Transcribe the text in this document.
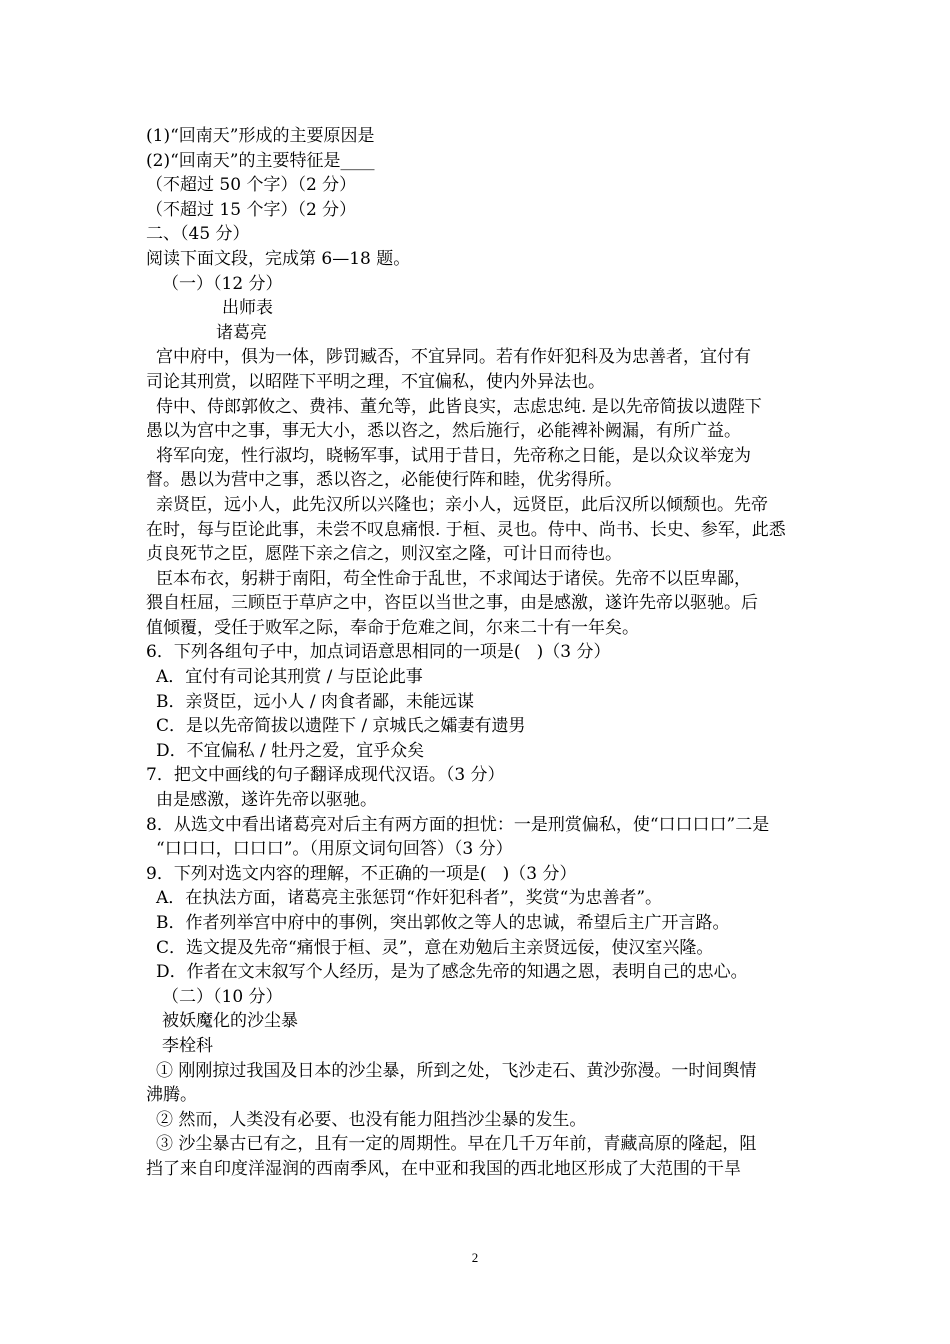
(1)“回南天”形成的主要原因是
(2)“回南天”的主要特征是____
（不超过 50 个字）（2 分）
（不超过 15 个字）（2 分）
二、（45 分）
阅读下面文段，完成第 6—18 题。
（一）（12 分）
出师表
诸葛亮
宫中府中，俱为一体，陟罚臧否，不宜异同。若有作奸犯科及为忠善者，宜付有
司论其刑赏，以昭陛下平明之理，不宜偏私，使内外异法也。
侍中、侍郎郭攸之、费祎、董允等，此皆良实，志虑忠纯. 是以先帝简拔以遗陛下
愚以为宫中之事，事无大小，悉以咨之，然后施行，必能裨补阙漏，有所广益。
将军向宠，性行淑均，晓畅军事，试用于昔日，先帝称之日能，是以众议举宠为
督。愚以为营中之事，悉以咨之，必能使行阵和睦，优劣得所。
亲贤臣，远小人，此先汉所以兴隆也；亲小人，远贤臣，此后汉所以倾颓也。先帝
在时，每与臣论此事，未尝不叹息痛恨. 于桓、灵也。侍中、尚书、长史、参军，此悉
贞良死节之臣，愿陛下亲之信之，则汉室之隆，可计日而待也。
臣本布衣，躬耕于南阳，苟全性命于乱世，不求闻达于诸侯。先帝不以臣卑鄙，
猥自枉屈，三顾臣于草庐之中，咨臣以当世之事，由是感激，遂许先帝以驱驰。后
值倾覆，受任于败军之际，奉命于危难之间，尔来二十有一年矣。
6．下列各组句子中，加点词语意思相同的一项是(   )（3 分）
A．宜付有司论其刑赏 / 与臣论此事
B．亲贤臣，远小人 / 肉食者鄙，未能远谋
C．是以先帝简拔以遗陛下 / 京城氏之孀妻有遗男
D．不宜偏私 / 牡丹之爱，宜乎众矣
7．把文中画线的句子翻译成现代汉语。（3 分）
由是感激，遂许先帝以驱驰。
8．从选文中看出诸葛亮对后主有两方面的担忧：一是刑赏偏私，使“口口口口”二是
“口口口，口口口”。（用原文词句回答）（3 分）
9．下列对选文内容的理解，不正确的一项是(   )（3 分）
A．在执法方面，诸葛亮主张惩罚“作奸犯科者”，奖赏“为忠善者”。
B．作者列举宫中府中的事例，突出郭攸之等人的忠诚，希望后主广开言路。
C．选文提及先帝“痛恨于桓、灵”，意在劝勉后主亲贤远佞，使汉室兴隆。
D．作者在文末叙写个人经历，是为了感念先帝的知遇之恩，表明自己的忠心。
（二）（10 分）
被妖魔化的沙尘暴
李栓科
① 刚刚掠过我国及日本的沙尘暴，所到之处，飞沙走石、黄沙弥漫。一时间舆情
沸腾。
② 然而，人类没有必要、也没有能力阻挡沙尘暴的发生。
③ 沙尘暴古已有之，且有一定的周期性。早在几千万年前，青藏高原的隆起，阻
挡了来自印度洋湿润的西南季风，在中亚和我国的西北地区形成了大范围的干旱
2
